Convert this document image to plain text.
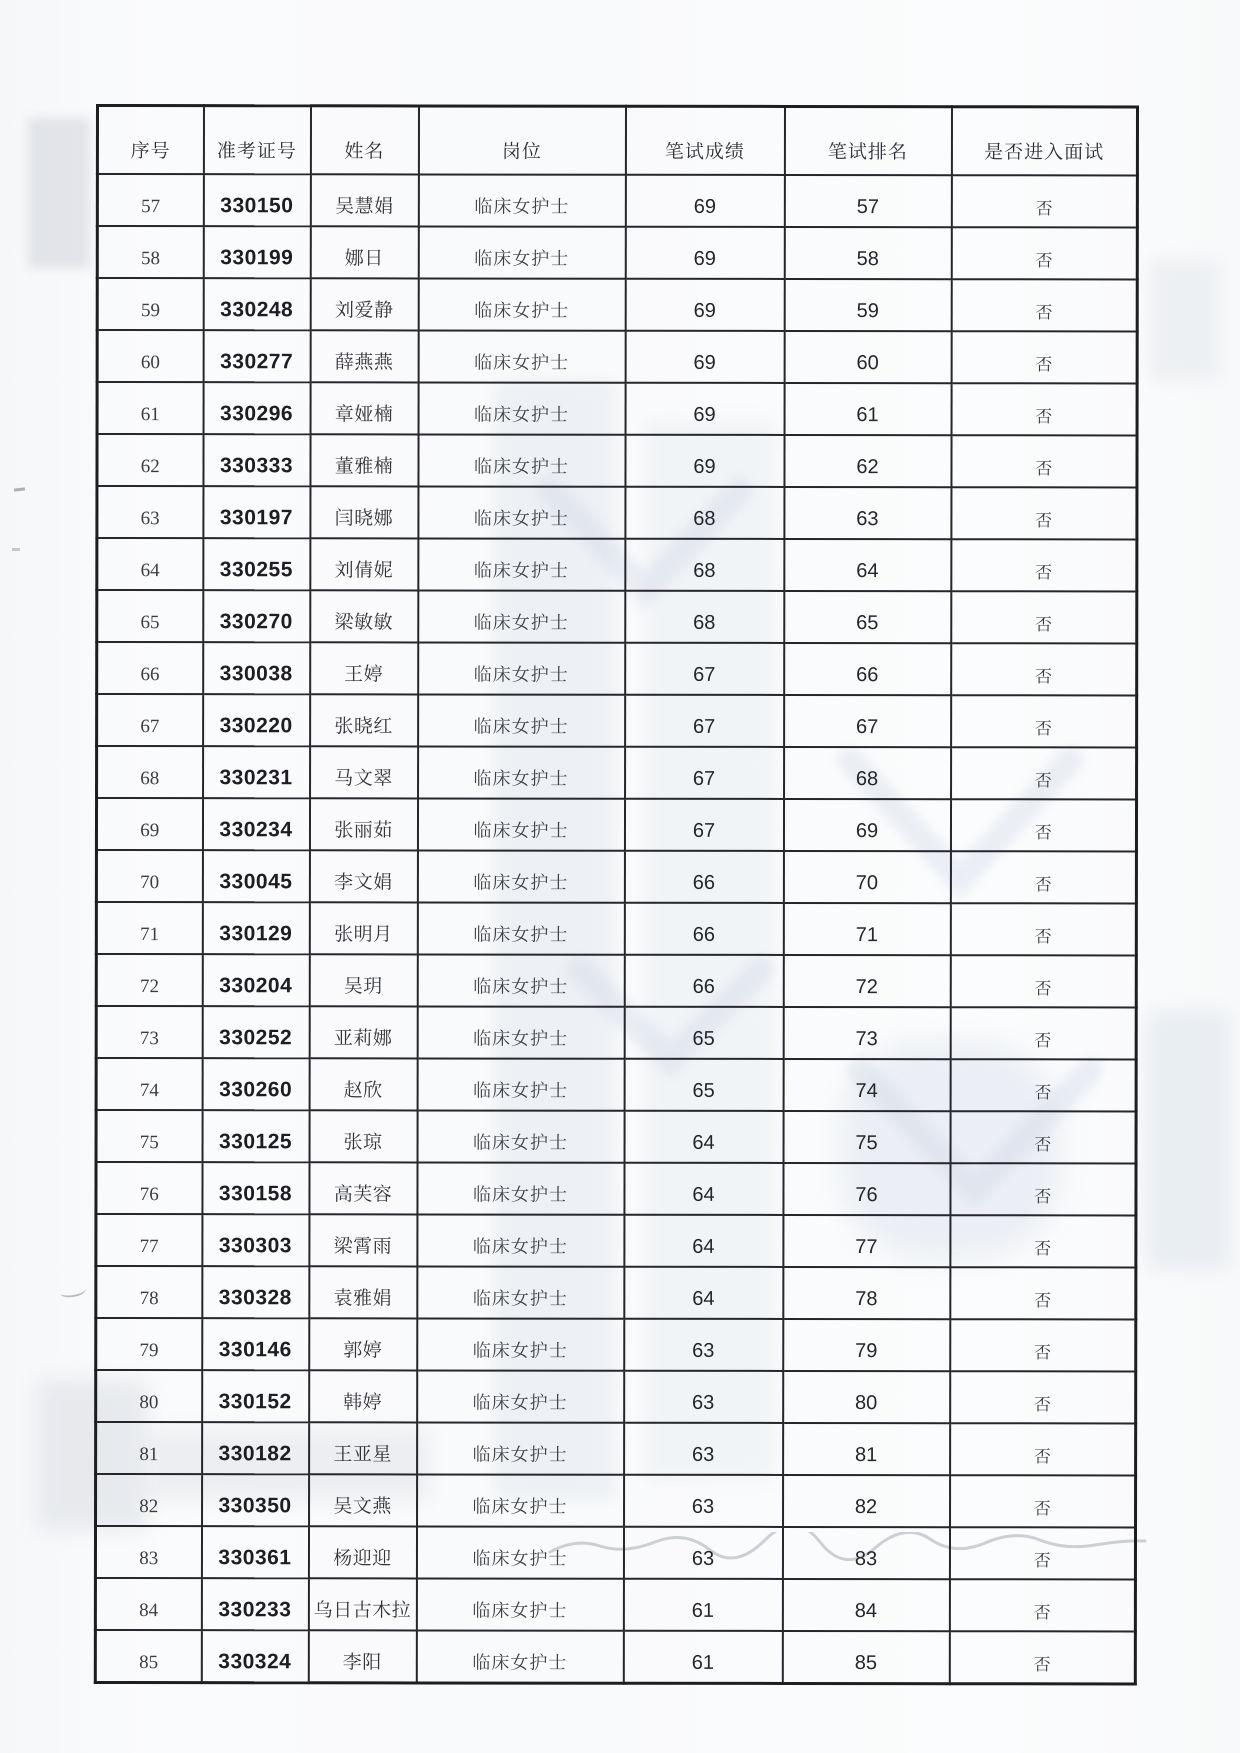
序号	准考证号	姓名	岗位	笔试成绩	笔试排名	是否进入面试
57	330150	吴慧娟	临床女护士	69	57	否
58	330199	娜日	临床女护士	69	58	否
59	330248	刘爱静	临床女护士	69	59	否
60	330277	薛燕燕	临床女护士	69	60	否
61	330296	章娅楠	临床女护士	69	61	否
62	330333	董雅楠	临床女护士	69	62	否
63	330197	闫晓娜	临床女护士	68	63	否
64	330255	刘倩妮	临床女护士	68	64	否
65	330270	梁敏敏	临床女护士	68	65	否
66	330038	王婷	临床女护士	67	66	否
67	330220	张晓红	临床女护士	67	67	否
68	330231	马文翠	临床女护士	67	68	否
69	330234	张丽茹	临床女护士	67	69	否
70	330045	李文娟	临床女护士	66	70	否
71	330129	张明月	临床女护士	66	71	否
72	330204	吴玥	临床女护士	66	72	否
73	330252	亚莉娜	临床女护士	65	73	否
74	330260	赵欣	临床女护士	65	74	否
75	330125	张琼	临床女护士	64	75	否
76	330158	高芙容	临床女护士	64	76	否
77	330303	梁霄雨	临床女护士	64	77	否
78	330328	袁雅娟	临床女护士	64	78	否
79	330146	郭婷	临床女护士	63	79	否
80	330152	韩婷	临床女护士	63	80	否
81	330182	王亚星	临床女护士	63	81	否
82	330350	吴文燕	临床女护士	63	82	否
83	330361	杨迎迎	临床女护士	63	83	否
84	330233	乌日古木拉	临床女护士	61	84	否
85	330324	李阳	临床女护士	61	85	否
